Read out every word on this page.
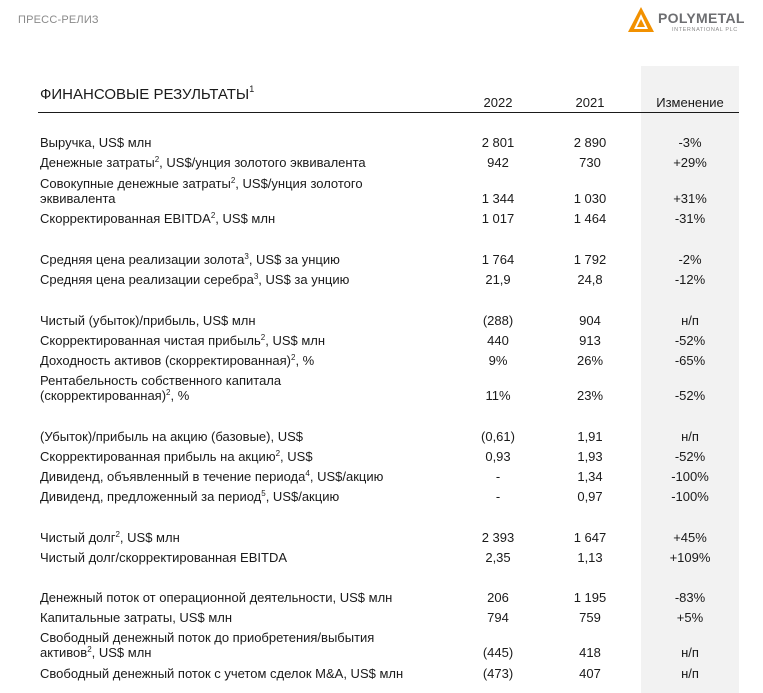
ПРЕСС-РЕЛИЗ	POLYMETAL
INTERNATIONAL PLC
ФИНАНСОВЫЕ РЕЗУЛЬТАТЫ$^1$
2022	2021	Изменение
Выручка, US$ млн	2 801	2 890	-3%
Денежные затраты$^2$, US$/унция золотого эквивалента	942	730	+29%
Совокупные денежные затраты$^2$, US$/унция золотого
эквивалента	1 344	1 030	+31%
Скорректированная EBITDA$^2$, US$ млн	1 017	1 464	-31%
Средняя цена реализации золота$^3$, US$ за унцию	1 764	1 792	-2%
Средняя цена реализации серебра$^3$, US$ за унцию	21,9	24,8	-12%
Чистый (убыток)/прибыль, US$ млн	(288)	904	н/п
Скорректированная чистая прибыль$^2$, US$ млн	440	913	-52%
Доходность активов (скорректированная)$^2$, %	9%	26%	-65%
Рентабельность собственного капитала
(скорректированная)$^2$, %	11%	23%	-52%
(Убыток)/прибыль на акцию (базовые), US$	(0,61)	1,91	н/п
Скорректированная прибыль на акцию$^2$, US$	0,93	1,93	-52%
Дивиденд, объявленный в течение периода$^4$, US$/акцию	-	1,34	-100%
Дивиденд, предложенный за период$^5$, US$/акцию	-	0,97	-100%
Чистый долг$^2$, US$ млн	2 393	1 647	+45%
Чистый долг/скорректированная EBITDA	2,35	1,13	+109%
Денежный поток от операционной деятельности, US$ млн	206	1 195	-83%
Капитальные затраты, US$ млн	794	759	+5%
Свободный денежный поток до приобретения/выбытия
активов$^2$, US$ млн	(445)	418	н/п
Свободный денежный поток с учетом сделок M&A, US$ млн	(473)	407	н/п
